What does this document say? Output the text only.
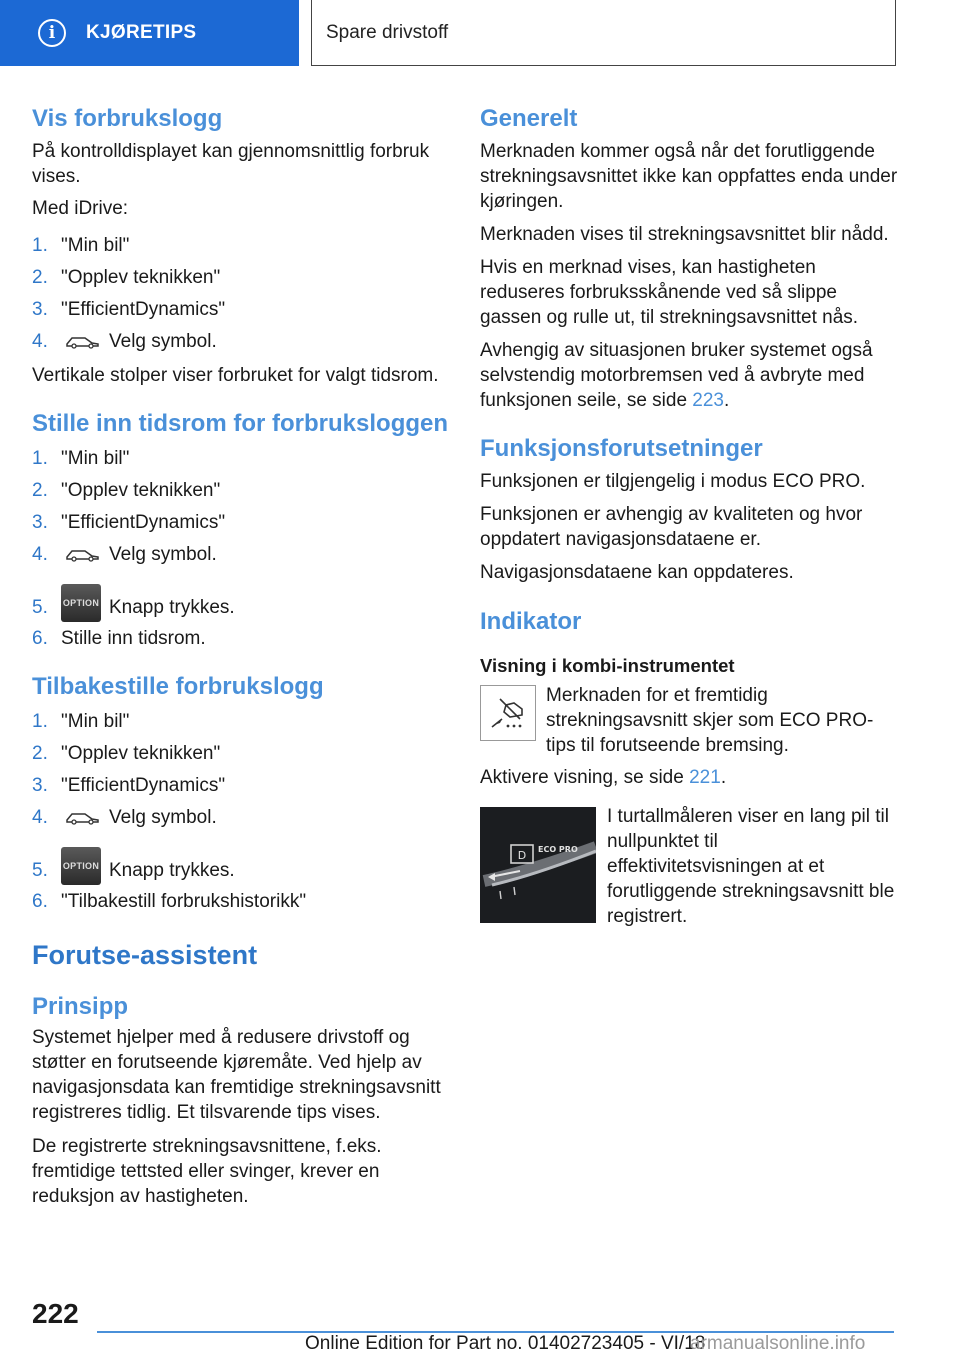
i	KJØRETIPS	Spare drivstoff
Vis forbrukslogg

På kontrolldisplayet kan gjennomsnittlig forbruk vises.

Med iDrive:

1. "Min bil"
2. "Opplev teknikken"
3. "EfficientDynamics"
4.	Velg symbol.

Vertikale stolper viser forbruket for valgt tidsrom.

Stille inn tidsrom for forbruksloggen
1. "Min bil"
2. "Opplev teknikken"
3. "EfficientDynamics"
4.	Velg symbol.
5.	OPTION Knapp trykkes.
6. Stille inn tidsrom.
Tilbakestille forbrukslogg
1. "Min bil"
2. "Opplev teknikken"
3. "EfficientDynamics"
4.	Velg symbol.
5.	OPTION Knapp trykkes.
6. "Tilbakestill forbrukshistorikk"
Forutse-assistent
Prinsipp

Systemet hjelper med å redusere drivstoff og støtter en forutseende kjøremåte. Ved hjelp av navigasjonsdata kan fremtidige strekningsavsnitt registreres tidlig. Et tilsvarende tips vises.

De registrerte strekningsavsnittene, f.eks. fremtidige tettsted eller svinger, krever en reduksjon av hastigheten.

Generelt

Merknaden kommer også når det forutliggende strekningsavsnittet ikke kan oppfattes enda under kjøringen.

Merknaden vises til strekningsavsnittet blir nådd.

Hvis en merknad vises, kan hastigheten reduseres forbruksskånende ved så slippe gassen og rulle ut, til strekningsavsnittet nås.

Avhengig av situasjonen bruker systemet også selvstendig motorbremsen ved å avbryte med funksjonen seile, se side 223.

Funksjonsforutsetninger

Funksjonen er tilgjengelig i modus ECO PRO.

Funksjonen er avhengig av kvaliteten og hvor oppdatert navigasjonsdataene er.

Navigasjonsdataene kan oppdateres.

Indikator
Visning i kombi-instrumentet

Merknaden for et fremtidig strekningsavsnitt skjer som ECO PRO-tips til forutseende bremsing.

Aktivere visning, se side 221.

D ECO PRO

I turtallmåleren viser en lang pil til nullpunktet til effektivitetsvisningen at et forutliggende strekningsavsnitt ble registrert.

222
Online Edition for Part no. 01402723405 - VI/18
armanualsonline.info
